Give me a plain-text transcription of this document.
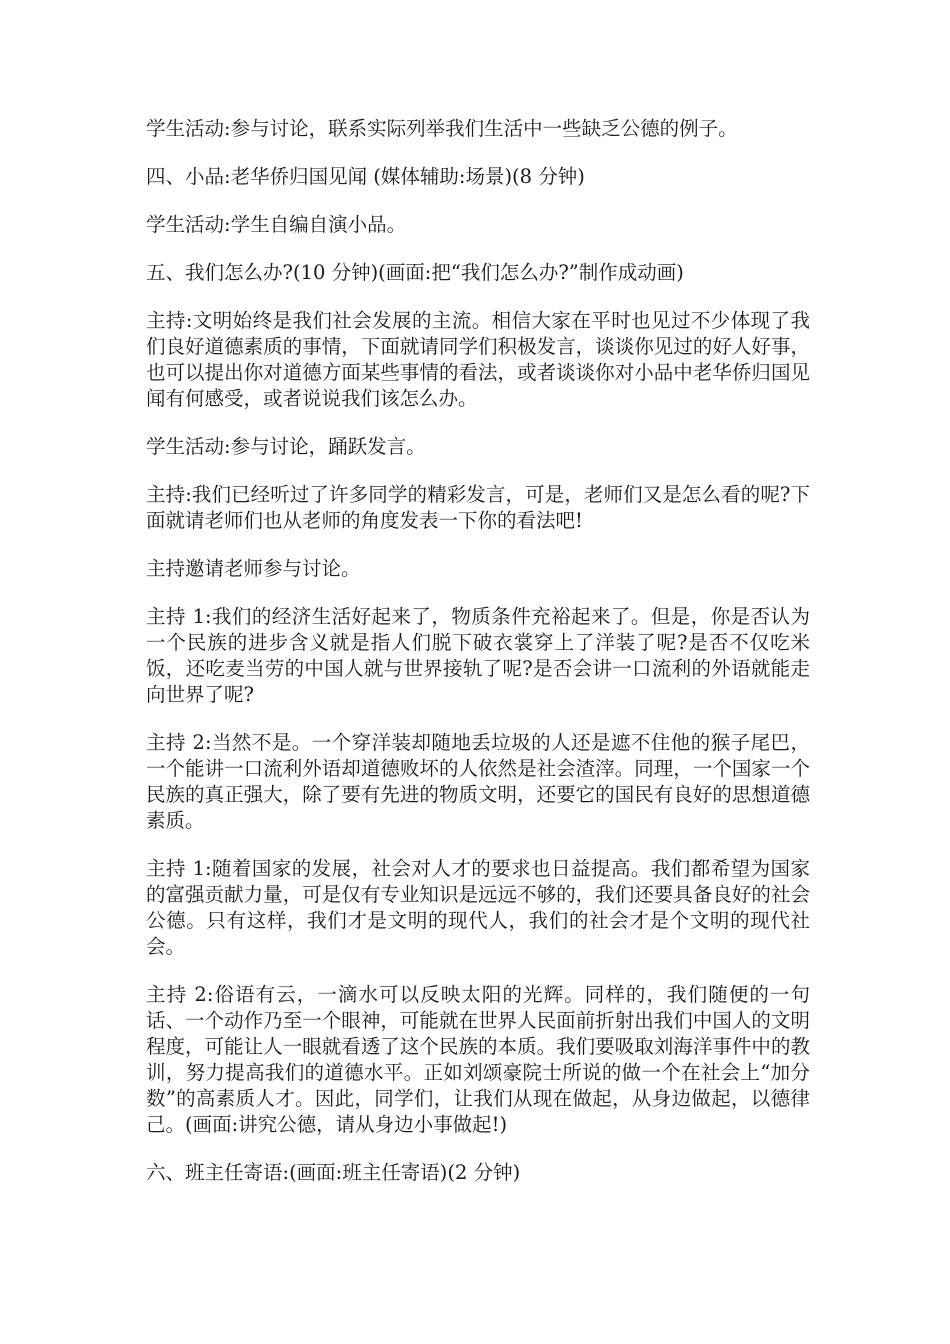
学生活动:参与讨论，联系实际列举我们生活中一些缺乏公德的例子。

四、小品:老华侨归国见闻 (媒体辅助:场景)(8 分钟)

学生活动:学生自编自演小品。

五、我们怎么办?(10 分钟)(画面:把“我们怎么办?”制作成动画)

主持:文明始终是我们社会发展的主流。相信大家在平时也见过不少体现了我们良好道德素质的事情，下面就请同学们积极发言，谈谈你见过的好人好事，也可以提出你对道德方面某些事情的看法，或者谈谈你对小品中老华侨归国见闻有何感受，或者说说我们该怎么办。

学生活动:参与讨论，踊跃发言。

主持:我们已经听过了许多同学的精彩发言，可是，老师们又是怎么看的呢?下面就请老师们也从老师的角度发表一下你的看法吧!

主持邀请老师参与讨论。

主持 1:我们的经济生活好起来了，物质条件充裕起来了。但是，你是否认为一个民族的进步含义就是指人们脱下破衣裳穿上了洋装了呢?是否不仅吃米饭，还吃麦当劳的中国人就与世界接轨了呢?是否会讲一口流利的外语就能走向世界了呢?

主持 2:当然不是。一个穿洋装却随地丢垃圾的人还是遮不住他的猴子尾巴，一个能讲一口流利外语却道德败坏的人依然是社会渣滓。同理，一个国家一个民族的真正强大，除了要有先进的物质文明，还要它的国民有良好的思想道德素质。

主持 1:随着国家的发展，社会对人才的要求也日益提高。我们都希望为国家的富强贡献力量，可是仅有专业知识是远远不够的，我们还要具备良好的社会公德。只有这样，我们才是文明的现代人，我们的社会才是个文明的现代社会。

主持 2:俗语有云，一滴水可以反映太阳的光辉。同样的，我们随便的一句话、一个动作乃至一个眼神，可能就在世界人民面前折射出我们中国人的文明程度，可能让人一眼就看透了这个民族的本质。我们要吸取刘海洋事件中的教训，努力提高我们的道德水平。正如刘颂豪院士所说的做一个在社会上“加分数”的高素质人才。因此，同学们，让我们从现在做起，从身边做起，以德律己。(画面:讲究公德，请从身边小事做起!)

六、班主任寄语:(画面:班主任寄语)(2 分钟)
